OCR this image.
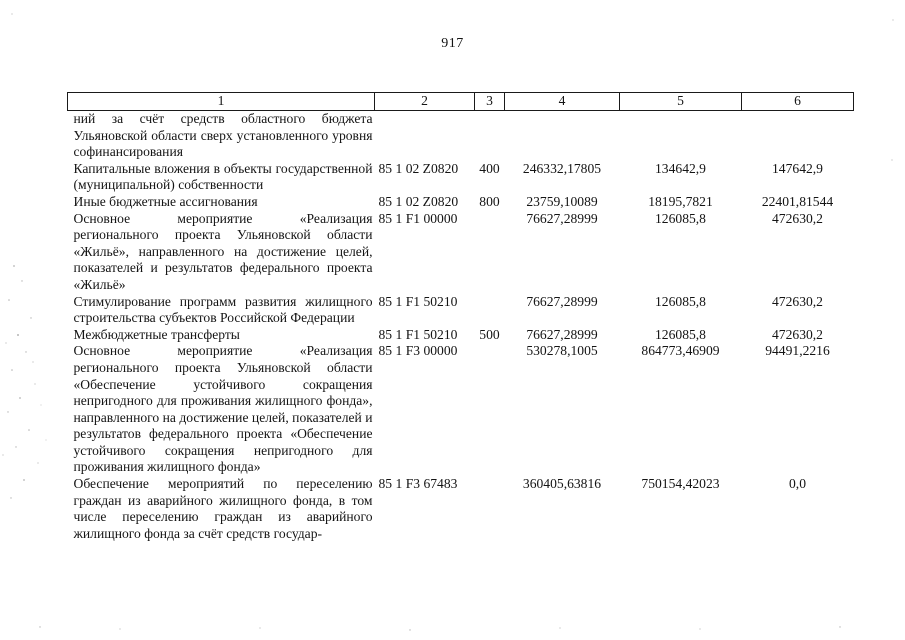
917
1	2	3	4	5	6
ний за счёт средств областного бюджета Ульяновской области сверх установленного уровня софинансирования					
Капитальные вложения в объекты государственной (муниципальной) собственности	85 1 02 Z0820	400	246332,17805	134642,9	147642,9
Иные бюджетные ассигнования	85 1 02 Z0820	800	23759,10089	18195,7821	22401,81544
Основное мероприятие «Реализация регионального проекта Ульяновской области «Жильё», направленного на достижение целей, показателей и результатов федерального проекта «Жильё»	85 1 F1 00000		76627,28999	126085,8	472630,2
Стимулирование программ развития жилищного строительства субъектов Российской Федерации	85 1 F1 50210		76627,28999	126085,8	472630,2
Межбюджетные трансферты	85 1 F1 50210	500	76627,28999	126085,8	472630,2
Основное мероприятие «Реализация регионального проекта Ульяновской области «Обеспечение устойчивого сокращения непригодного для проживания жилищного фонда», направленного на достижение целей, показателей и результатов федерального проекта «Обеспечение устойчивого сокращения непригодного для проживания жилищного фонда»	85 1 F3 00000		530278,1005	864773,46909	94491,2216
Обеспечение мероприятий по переселению граждан из аварийного жилищного фонда, в том числе переселению граждан из аварийного жилищного фонда за счёт средств государ-	85 1 F3 67483		360405,63816	750154,42023	0,0
